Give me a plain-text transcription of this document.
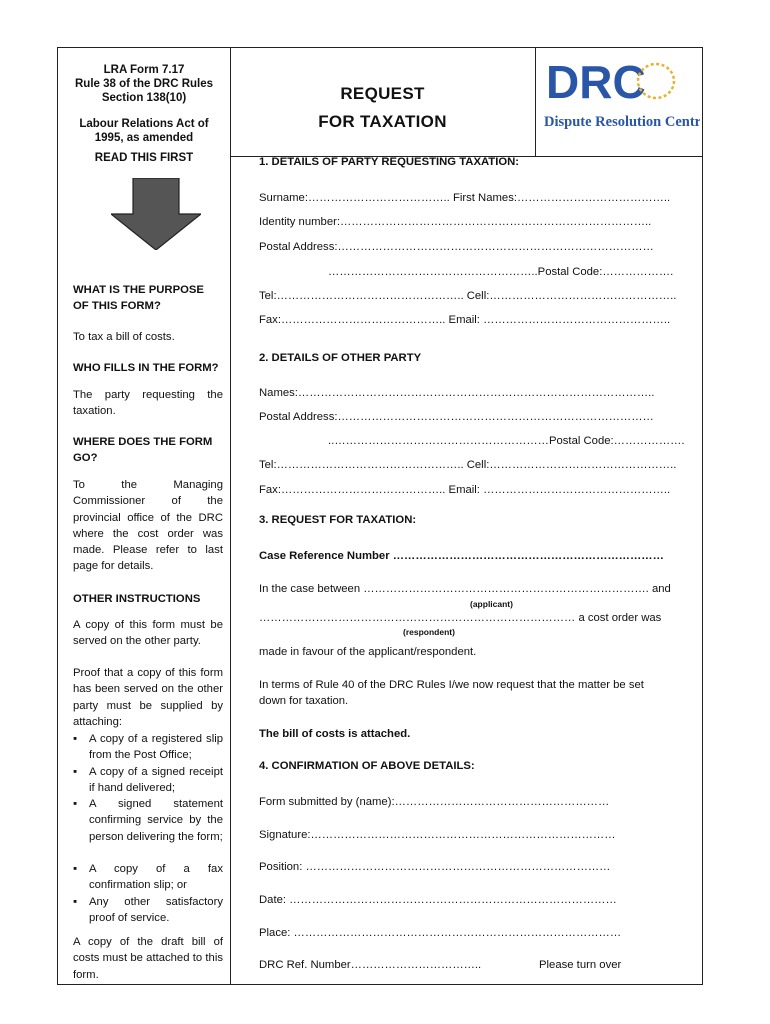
LRA Form 7.17
Rule 38 of the DRC Rules
Section 138(10)
Labour Relations Act of
1995, as amended
READ THIS FIRST
REQUEST
FOR TAXATION
DRC
Dispute Resolution Centre
WHAT IS THE PURPOSE
OF THIS FORM?
To tax a bill of costs.
WHO FILLS IN THE FORM?
The party requesting the taxation.
WHERE DOES THE FORM
GO?
To the Managing Commissioner of the provincial office of the DRC where the cost order was made. Please refer to last page for details.
OTHER INSTRUCTIONS
A copy of this form must be served on the other party.
Proof that a copy of this form has been served on the other party must be supplied by attaching:
▪ A copy of a registered slip from the Post Office;
▪ A copy of a signed receipt if hand delivered;
▪ A signed statement confirming service by the person delivering the form;
▪ A copy of a fax confirmation slip; or
▪ Any other satisfactory proof of service.
A copy of the draft bill of costs must be attached to this form.
1. DETAILS OF PARTY REQUESTING TAXATION:
Surname:……………………………….. First Names:…………………………………..
Identity number:………………………………………………………………………..
Postal Address:…………………………………………………………………………
………………………………………………..Postal Code:……………….
Tel:………………………………………….. Cell:…………………………………………..
Fax:…………………………………….. Email: …………………………………………..
2. DETAILS OF OTHER PARTY
Names:…………………………………………………………………………………..
Postal Address:…………………………………………………………………………
..…………………………………………………Postal Code:……………….
Tel:………………………………………….. Cell:…………………………………………..
Fax:…………………………………….. Email: …………………………………………..
3. REQUEST FOR TAXATION:
Case Reference Number ………………………………………………………………
In the case between …………………………………………………………………. and
(applicant)
………………………………………………………………………… a cost order was
(respondent)
made in favour of the applicant/respondent.
In terms of Rule 40 of the DRC Rules I/we now request that the matter be set
down for taxation.
The bill of costs is attached.
4. CONFIRMATION OF ABOVE DETAILS:
Form submitted by (name):…………………………………………………
Signature:………………………………………………………………………
Position: ………………………………………………………………………
Date: ……………………………………………………………………………
Place: ……………………………………………………………………………
DRC Ref. Number……………………………..	Please turn over
